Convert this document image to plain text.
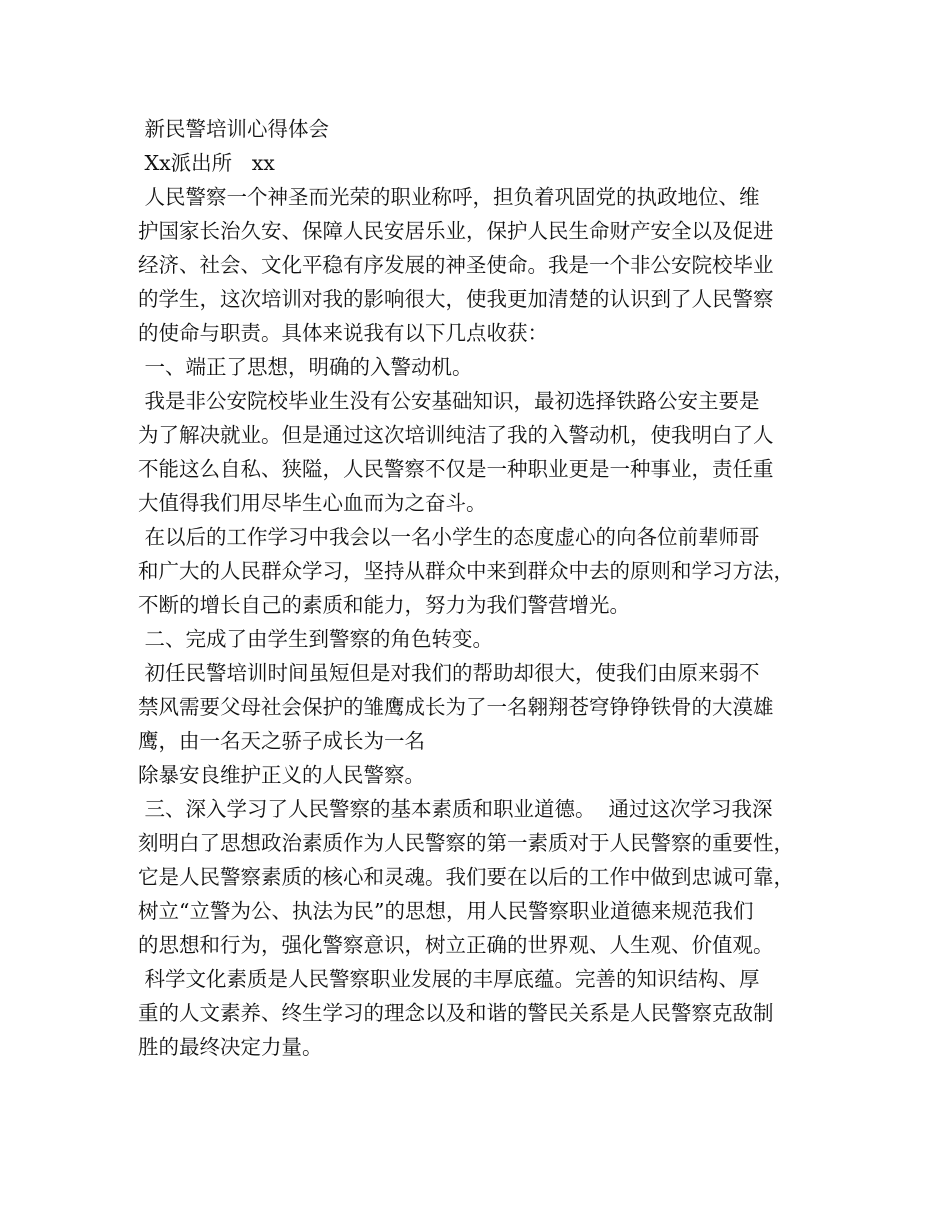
新民警培训心得体会
Xx派出所   xx
人民警察一个神圣而光荣的职业称呼，担负着巩固党的执政地位、维
护国家长治久安、保障人民安居乐业，保护人民生命财产安全以及促进
经济、社会、文化平稳有序发展的神圣使命。我是一个非公安院校毕业
的学生，这次培训对我的影响很大，使我更加清楚的认识到了人民警察
的使命与职责。具体来说我有以下几点收获：
一、端正了思想，明确的入警动机。
我是非公安院校毕业生没有公安基础知识，最初选择铁路公安主要是
为了解决就业。但是通过这次培训纯洁了我的入警动机，使我明白了人
不能这么自私、狭隘，人民警察不仅是一种职业更是一种事业，责任重
大值得我们用尽毕生心血而为之奋斗。
在以后的工作学习中我会以一名小学生的态度虚心的向各位前辈师哥
和广大的人民群众学习，坚持从群众中来到群众中去的原则和学习方法，
不断的增长自己的素质和能力，努力为我们警营增光。
二、完成了由学生到警察的角色转变。
初任民警培训时间虽短但是对我们的帮助却很大，使我们由原来弱不
禁风需要父母社会保护的雏鹰成长为了一名翱翔苍穹铮铮铁骨的大漠雄
鹰，由一名天之骄子成长为一名
除暴安良维护正义的人民警察。
三、深入学习了人民警察的基本素质和职业道德。  通过这次学习我深
刻明白了思想政治素质作为人民警察的第一素质对于人民警察的重要性，
它是人民警察素质的核心和灵魂。我们要在以后的工作中做到忠诚可靠，
树立“立警为公、执法为民”的思想，用人民警察职业道德来规范我们
的思想和行为，强化警察意识，树立正确的世界观、人生观、价值观。
科学文化素质是人民警察职业发展的丰厚底蕴。完善的知识结构、厚
重的人文素养、终生学习的理念以及和谐的警民关系是人民警察克敌制
胜的最终决定力量。
